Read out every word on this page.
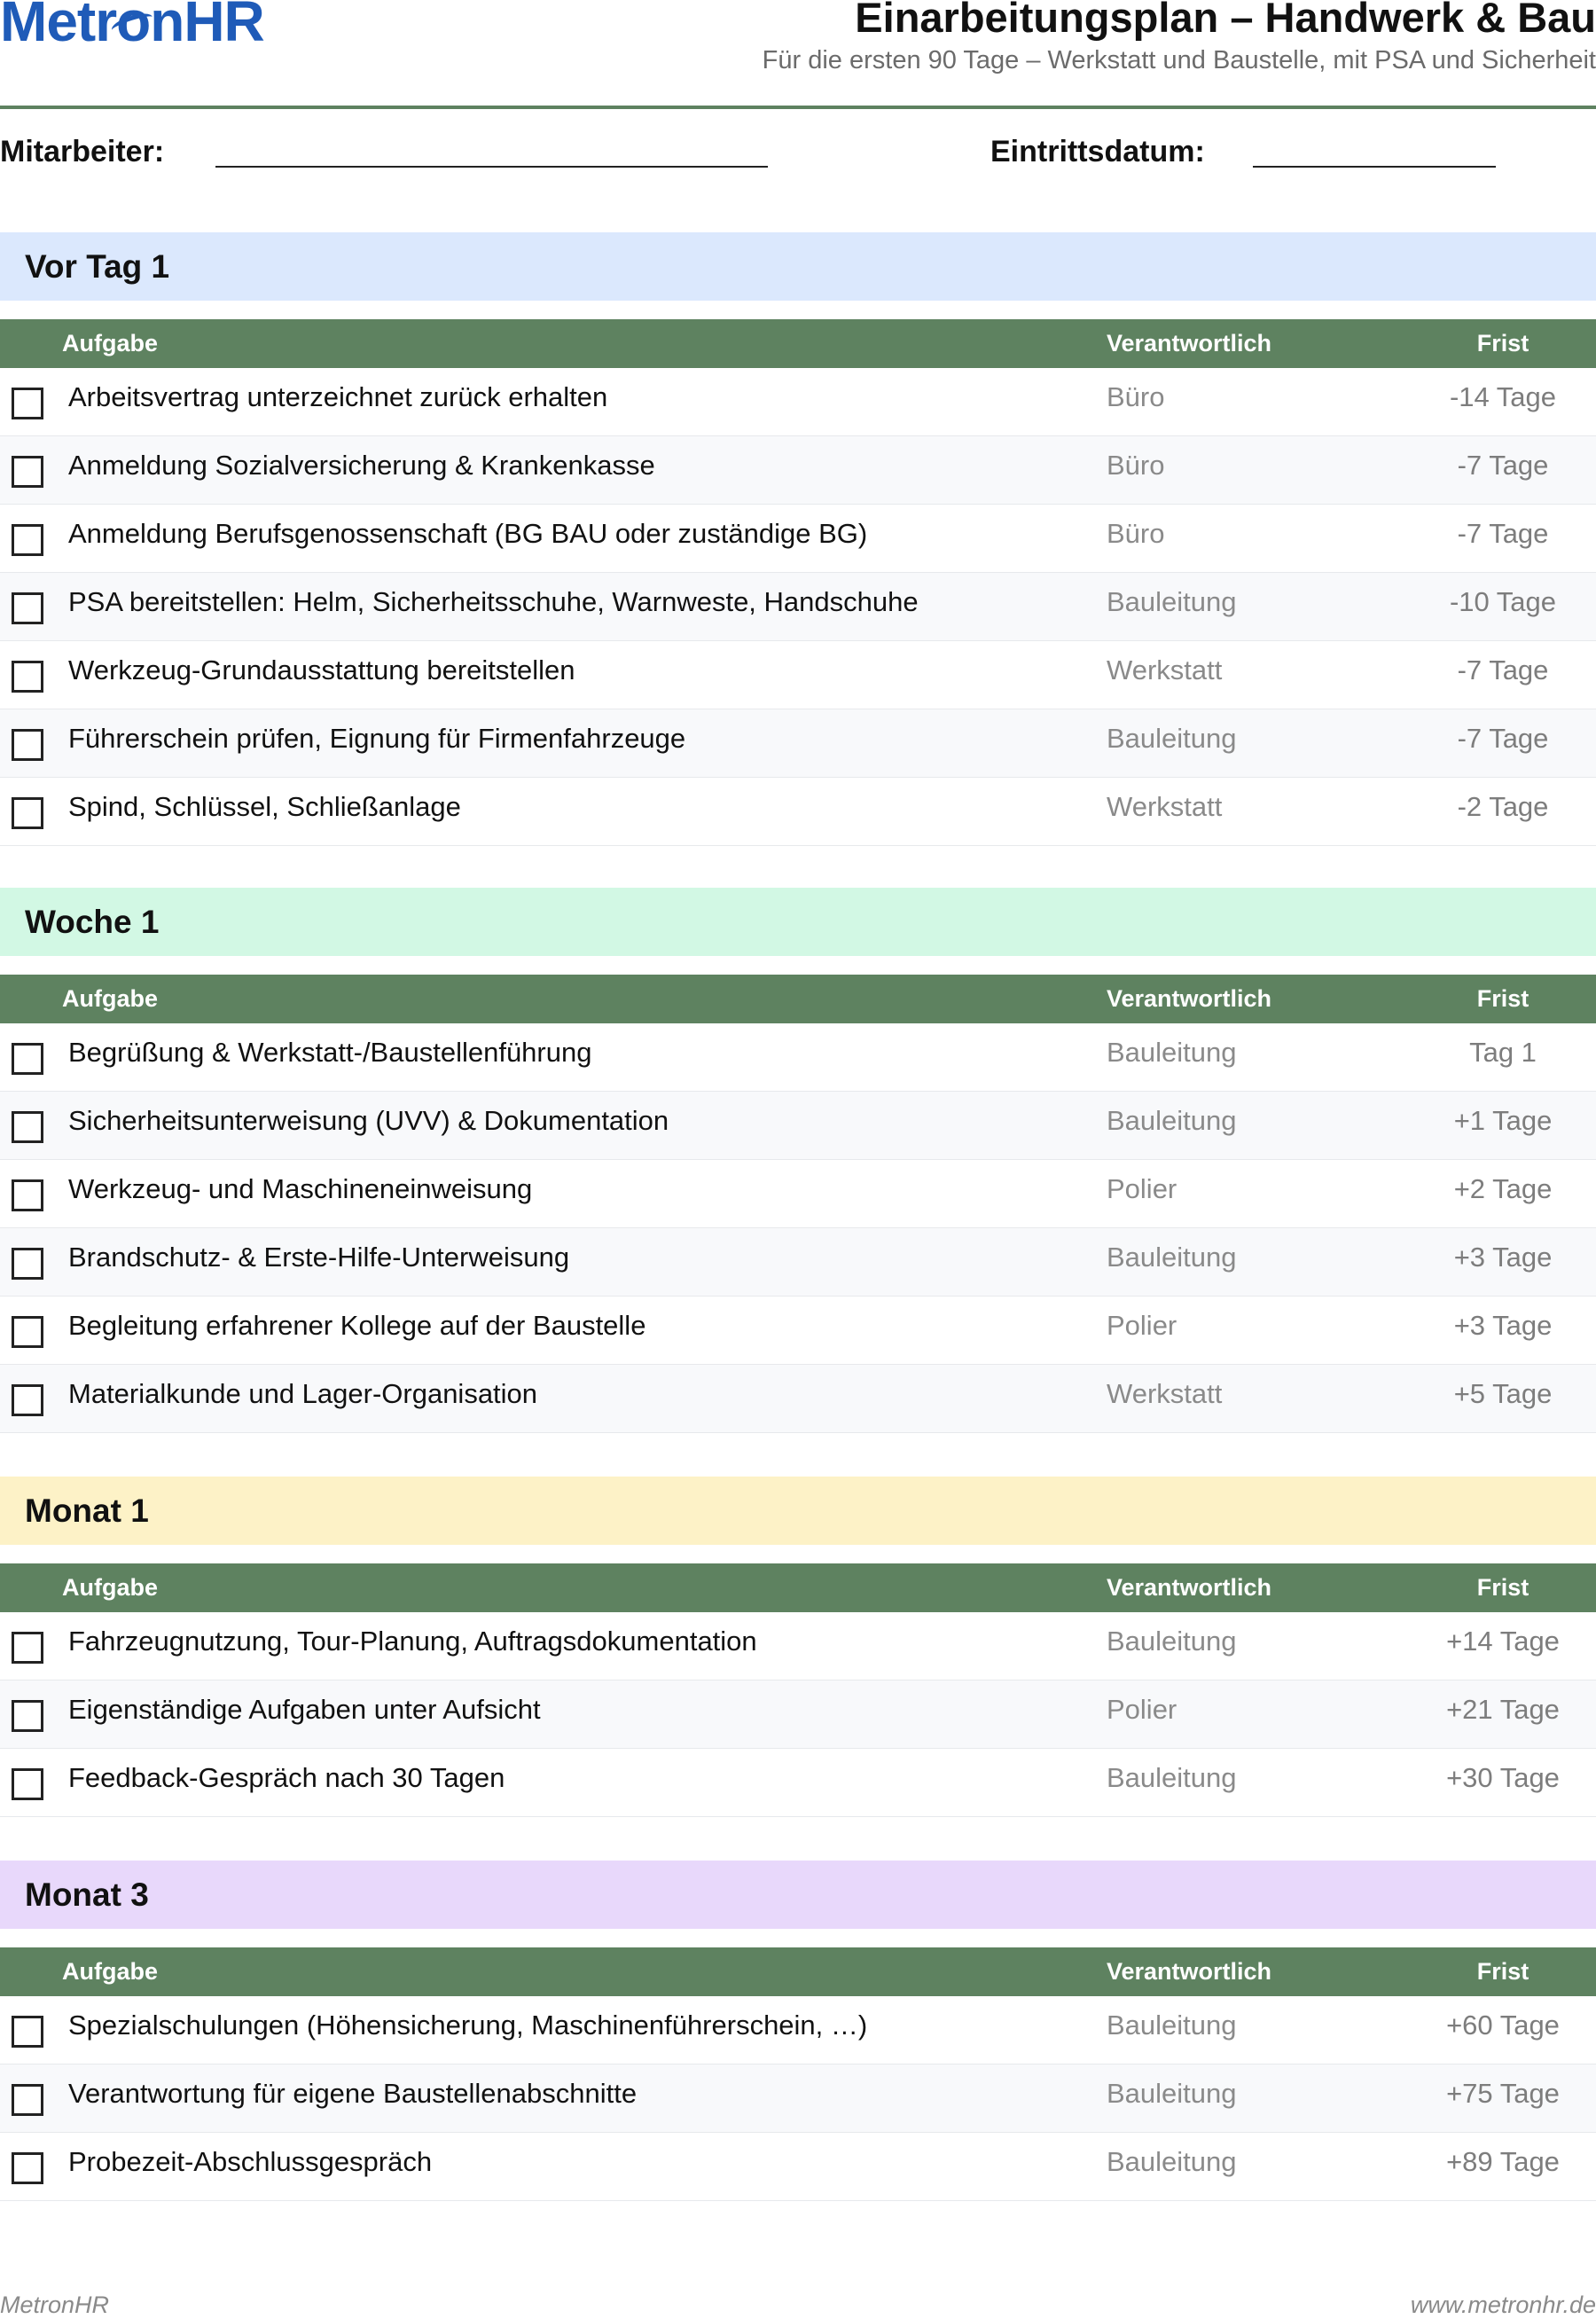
Metro
nHR	Einarbeitungsplan – Handwerk & Bau
Für die ersten 90 Tage – Werkstatt und Baustelle, mit PSA und Sicherheit
Mitarbeiter:	Eintrittsdatum:
Vor Tag 1
Aufgabe	Verantwortlich	Frist
Arbeitsvertrag unterzeichnet zurück erhalten	Büro	-14 Tage
Anmeldung Sozialversicherung & Krankenkasse	Büro	-7 Tage
Anmeldung Berufsgenossenschaft (BG BAU oder zuständige BG)	Büro	-7 Tage
PSA bereitstellen: Helm, Sicherheitsschuhe, Warnweste, Handschuhe	Bauleitung	-10 Tage
Werkzeug-Grundausstattung bereitstellen	Werkstatt	-7 Tage
Führerschein prüfen, Eignung für Firmenfahrzeuge	Bauleitung	-7 Tage
Spind, Schlüssel, Schließanlage	Werkstatt	-2 Tage
Woche 1
Aufgabe	Verantwortlich	Frist
Begrüßung & Werkstatt-/Baustellenführung	Bauleitung	Tag 1
Sicherheitsunterweisung (UVV) & Dokumentation	Bauleitung	+1 Tage
Werkzeug- und Maschineneinweisung	Polier	+2 Tage
Brandschutz- & Erste-Hilfe-Unterweisung	Bauleitung	+3 Tage
Begleitung erfahrener Kollege auf der Baustelle	Polier	+3 Tage
Materialkunde und Lager-Organisation	Werkstatt	+5 Tage
Monat 1
Aufgabe	Verantwortlich	Frist
Fahrzeugnutzung, Tour-Planung, Auftragsdokumentation	Bauleitung	+14 Tage
Eigenständige Aufgaben unter Aufsicht	Polier	+21 Tage
Feedback-Gespräch nach 30 Tagen	Bauleitung	+30 Tage
Monat 3
Aufgabe	Verantwortlich	Frist
Spezialschulungen (Höhensicherung, Maschinenführerschein, …)	Bauleitung	+60 Tage
Verantwortung für eigene Baustellenabschnitte	Bauleitung	+75 Tage
Probezeit-Abschlussgespräch	Bauleitung	+89 Tage
MetronHR	www.metronhr.de
